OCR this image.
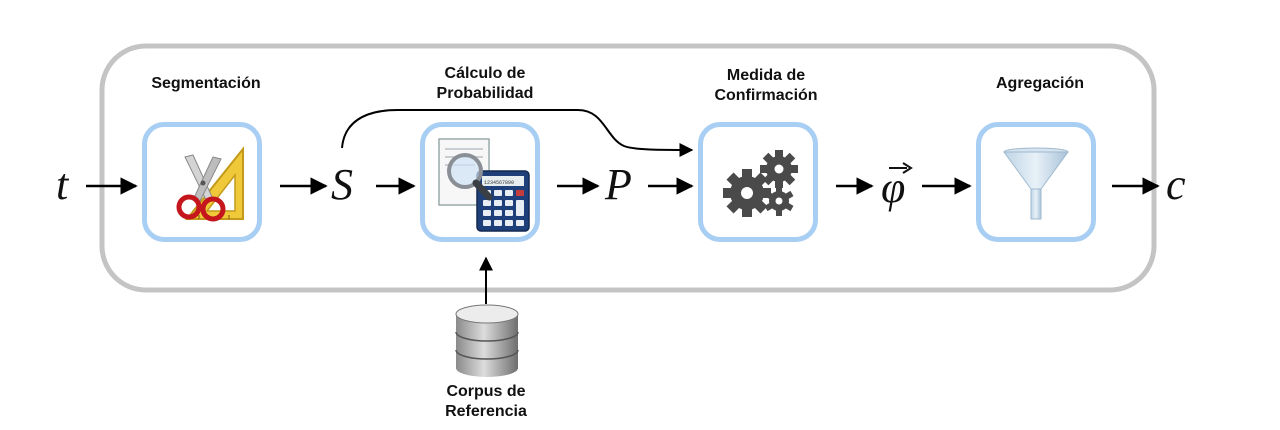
Segmentación
Cálculo de
Probabilidad
Medida de
Confirmación
Agregación
t	S	P	φ	c
1234567890
Corpus de
Referencia
